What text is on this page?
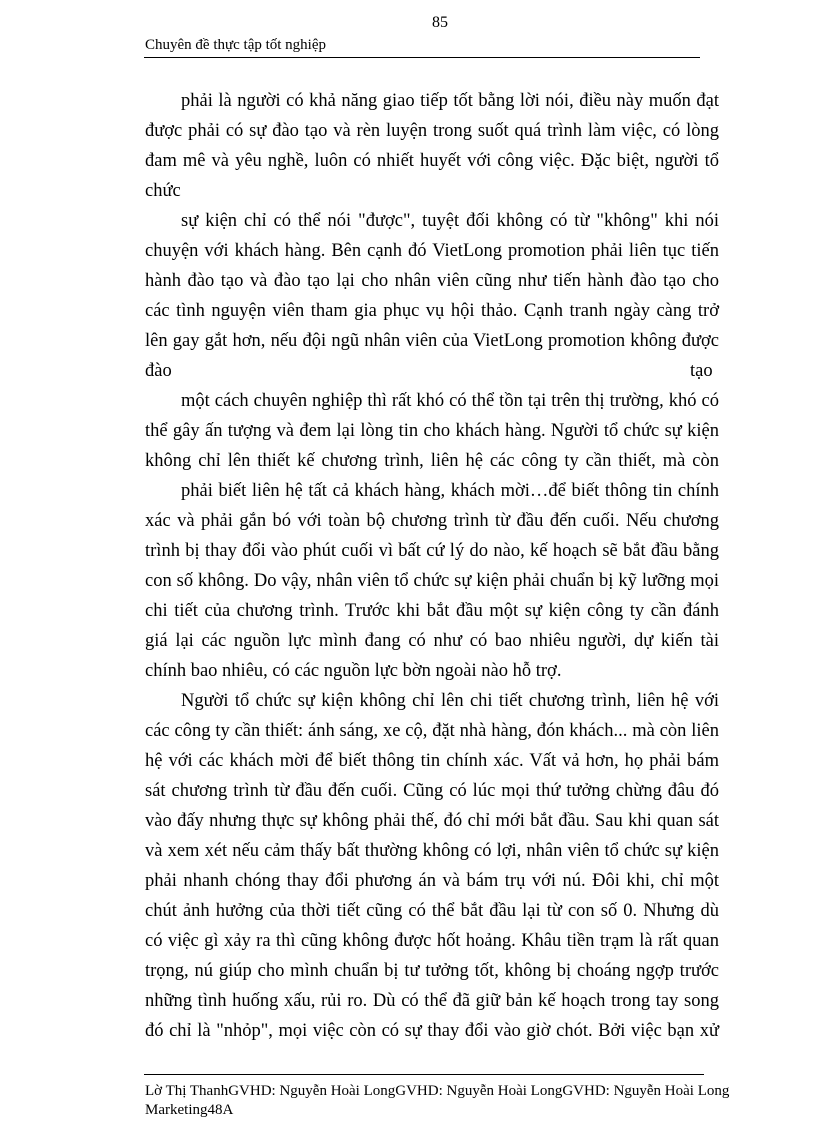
85
Chuyên đề thực tập tốt nghiệp
phải là người có khả năng giao tiếp tốt bằng lời nói, điều này muốn đạt
được phải có sự đào tạo và rèn luyện trong suốt quá trình làm việc, có lòng
đam mê và yêu nghề, luôn có nhiết huyết với công việc. Đặc biệt, người tổ
chức
sự kiện chỉ có thể nói "được", tuyệt đối không có từ "không" khi nói
chuyện với khách hàng. Bên cạnh đó VietLong promotion phải liên tục tiến
hành đào tạo và đào tạo lại cho nhân viên cũng như tiến hành đào tạo cho
các tình nguyện viên tham gia phục vụ hội thảo. Cạnh tranh ngày càng trở
lên gay gắt hơn, nếu đội ngũ nhân viên của VietLong promotion không được
đào	tạo
một cách chuyên nghiệp thì rất khó có thể tồn tại trên thị trường, khó có
thể gây ấn tượng và đem lại lòng tin cho khách hàng. Người tổ chức sự kiện
không chỉ lên thiết kế chương trình, liên hệ các công ty cần thiết, mà còn
phải biết liên hệ tất cả khách hàng, khách mời…để biết thông tin chính
xác và phải gắn bó với toàn bộ chương trình từ đầu đến cuối. Nếu chương
trình bị thay đổi vào phút cuối vì bất cứ lý do nào, kế hoạch sẽ bắt đầu bằng
con số không. Do vậy, nhân viên tổ chức sự kiện phải chuẩn bị kỹ lưỡng mọi
chi tiết của chương trình. Trước khi bắt đầu một sự kiện công ty cần đánh
giá lại các nguồn lực mình đang có như có bao nhiêu người, dự kiến tài
chính bao nhiêu, có các nguồn lực bờn ngoài nào hỗ trợ.
Người tổ chức sự kiện không chỉ lên chi tiết chương trình, liên hệ với
các công ty cần thiết: ánh sáng, xe cộ, đặt nhà hàng, đón khách... mà còn liên
hệ với các khách mời để biết thông tin chính xác. Vất vả hơn, họ phải bám
sát chương trình từ đầu đến cuối. Cũng có lúc mọi thứ tưởng chừng đâu đó
vào đấy nhưng thực sự không phải thế, đó chỉ mới bắt đầu. Sau khi quan sát
và xem xét nếu cảm thấy bất thường không có lợi, nhân viên tổ chức sự kiện
phải nhanh chóng thay đổi phương án và bám trụ với nú. Đôi khi, chỉ một
chút ảnh hưởng của thời tiết cũng có thể bắt đầu lại từ con số 0. Nhưng dù
có việc gì xảy ra thì cũng không được hốt hoảng. Khâu tiền trạm là rất quan
trọng, nú giúp cho mình chuẩn bị tư tưởng tốt, không bị choáng ngợp trước
những tình huống xấu, rủi ro. Dù có thể đã giữ bản kế hoạch trong tay song
đó chỉ là "nhỏp", mọi việc còn có sự thay đổi vào giờ chót. Bởi việc bạn xử
Lờ Thị ThanhGVHD: Nguyễn Hoài LongGVHD: Nguyễn Hoài LongGVHD: Nguyễn Hoài Long
Marketing48A
